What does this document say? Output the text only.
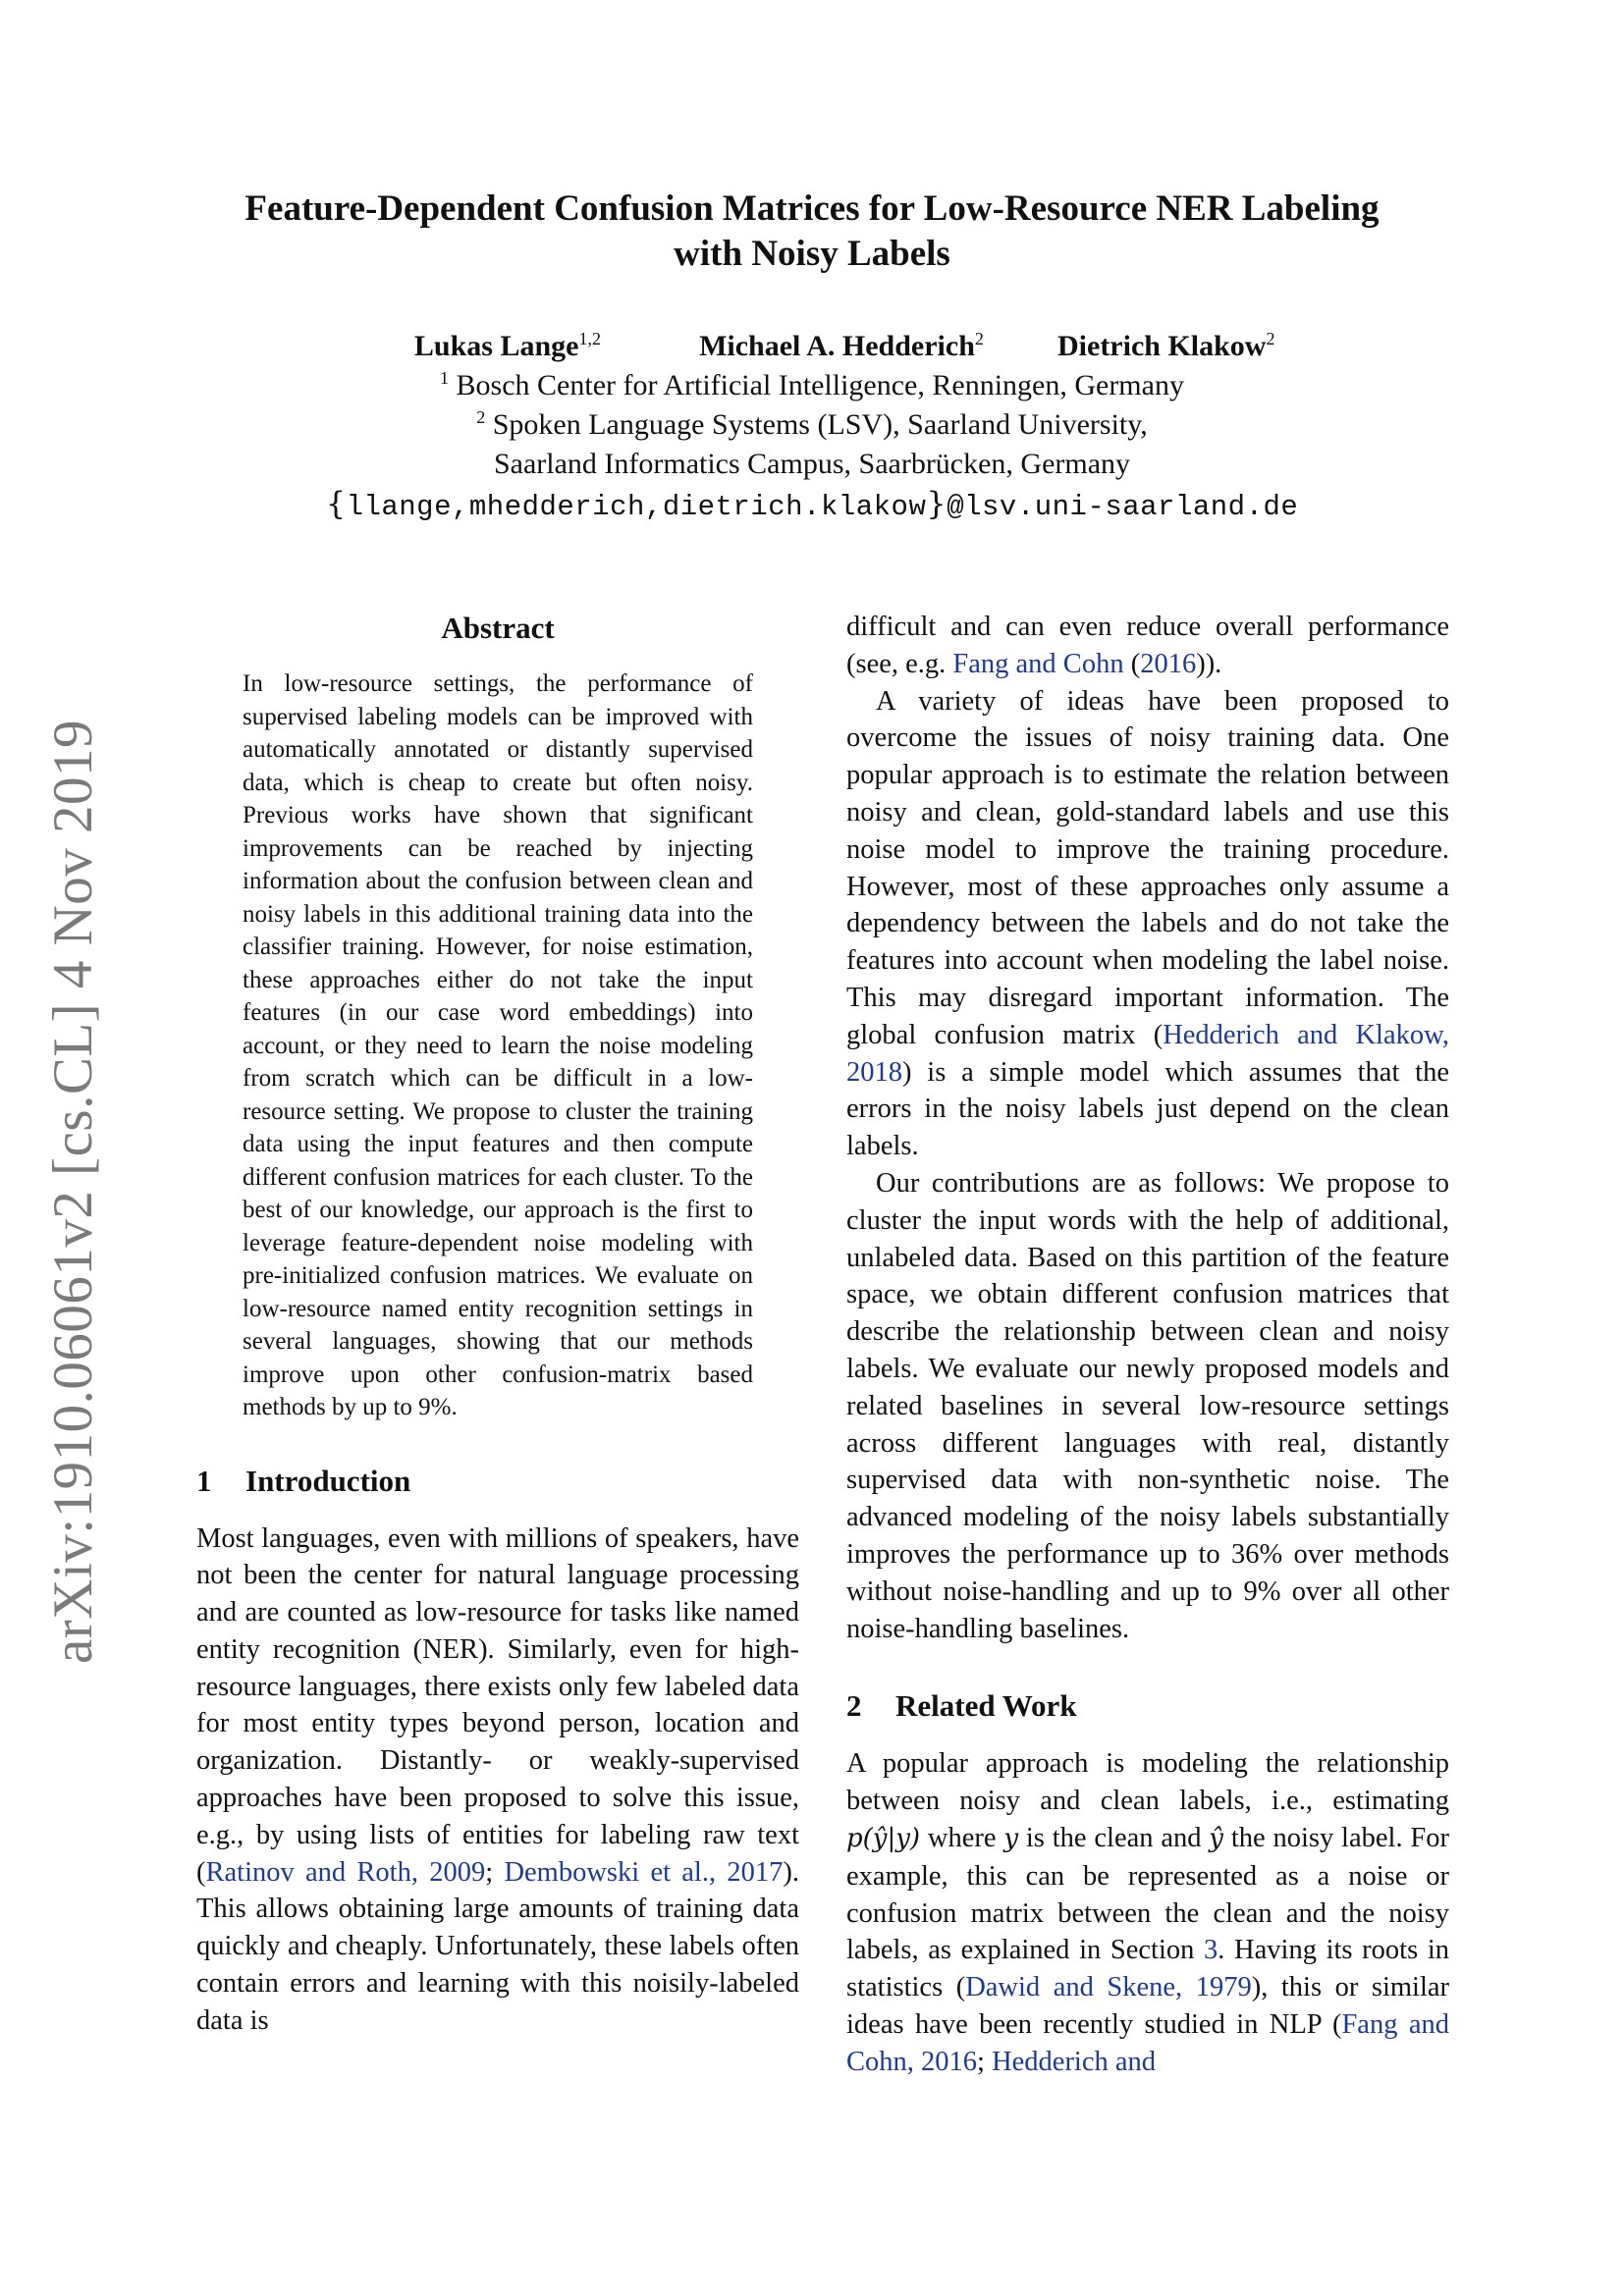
arXiv:1910.06061v2 [cs.CL] 4 Nov 2019
Feature-Dependent Confusion Matrices for Low-Resource NER Labeling
with Noisy Labels
Lukas Lange$^{1,2}$	Michael A. Hedderich$^2$	Dietrich Klakow$^2$
$^1$ Bosch Center for Artificial Intelligence, Renningen, Germany
$^2$ Spoken Language Systems (LSV), Saarland University,
Saarland Informatics Campus, Saarbrücken, Germany
{llange,mhedderich,dietrich.klakow}@lsv.uni-saarland.de
Abstract

In low-resource settings, the performance of supervised labeling models can be improved with automatically annotated or distantly supervised data, which is cheap to create but often noisy. Previous works have shown that significant improvements can be reached by injecting information about the confusion between clean and noisy labels in this additional training data into the classifier training. However, for noise estimation, these approaches either do not take the input features (in our case word embeddings) into account, or they need to learn the noise modeling from scratch which can be difficult in a low-resource setting. We propose to cluster the training data using the input features and then compute different confusion matrices for each cluster. To the best of our knowledge, our approach is the first to leverage feature-dependent noise modeling with pre-initialized confusion matrices. We evaluate on low-resource named entity recognition settings in several languages, showing that our methods improve upon other confusion-matrix based methods by up to 9%.

1 Introduction

Most languages, even with millions of speakers, have not been the center for natural language processing and are counted as low-resource for tasks like named entity recognition (NER). Similarly, even for high-resource languages, there exists only few labeled data for most entity types beyond person, location and organization. Distantly- or weakly-supervised approaches have been proposed to solve this issue, e.g., by using lists of entities for labeling raw text (Ratinov and Roth, 2009; Dembowski et al., 2017). This allows obtaining large amounts of training data quickly and cheaply. Unfortunately, these labels often contain errors and learning with this noisily-labeled data is

difficult and can even reduce overall performance (see, e.g. Fang and Cohn (2016)).

A variety of ideas have been proposed to overcome the issues of noisy training data. One popular approach is to estimate the relation between noisy and clean, gold-standard labels and use this noise model to improve the training procedure. However, most of these approaches only assume a dependency between the labels and do not take the features into account when modeling the label noise. This may disregard important information. The global confusion matrix (Hedderich and Klakow, 2018) is a simple model which assumes that the errors in the noisy labels just depend on the clean labels.

Our contributions are as follows: We propose to cluster the input words with the help of additional, unlabeled data. Based on this partition of the feature space, we obtain different confusion matrices that describe the relationship between clean and noisy labels. We evaluate our newly proposed models and related baselines in several low-resource settings across different languages with real, distantly supervised data with non-synthetic noise. The advanced modeling of the noisy labels substantially improves the performance up to 36% over methods without noise-handling and up to 9% over all other noise-handling baselines.

2 Related Work

A popular approach is modeling the relationship between noisy and clean labels, i.e., estimating p(ŷ|y) where y is the clean and ŷ the noisy label. For example, this can be represented as a noise or confusion matrix between the clean and the noisy labels, as explained in Section 3. Having its roots in statistics (Dawid and Skene, 1979), this or similar ideas have been recently studied in NLP (Fang and Cohn, 2016; Hedderich and
